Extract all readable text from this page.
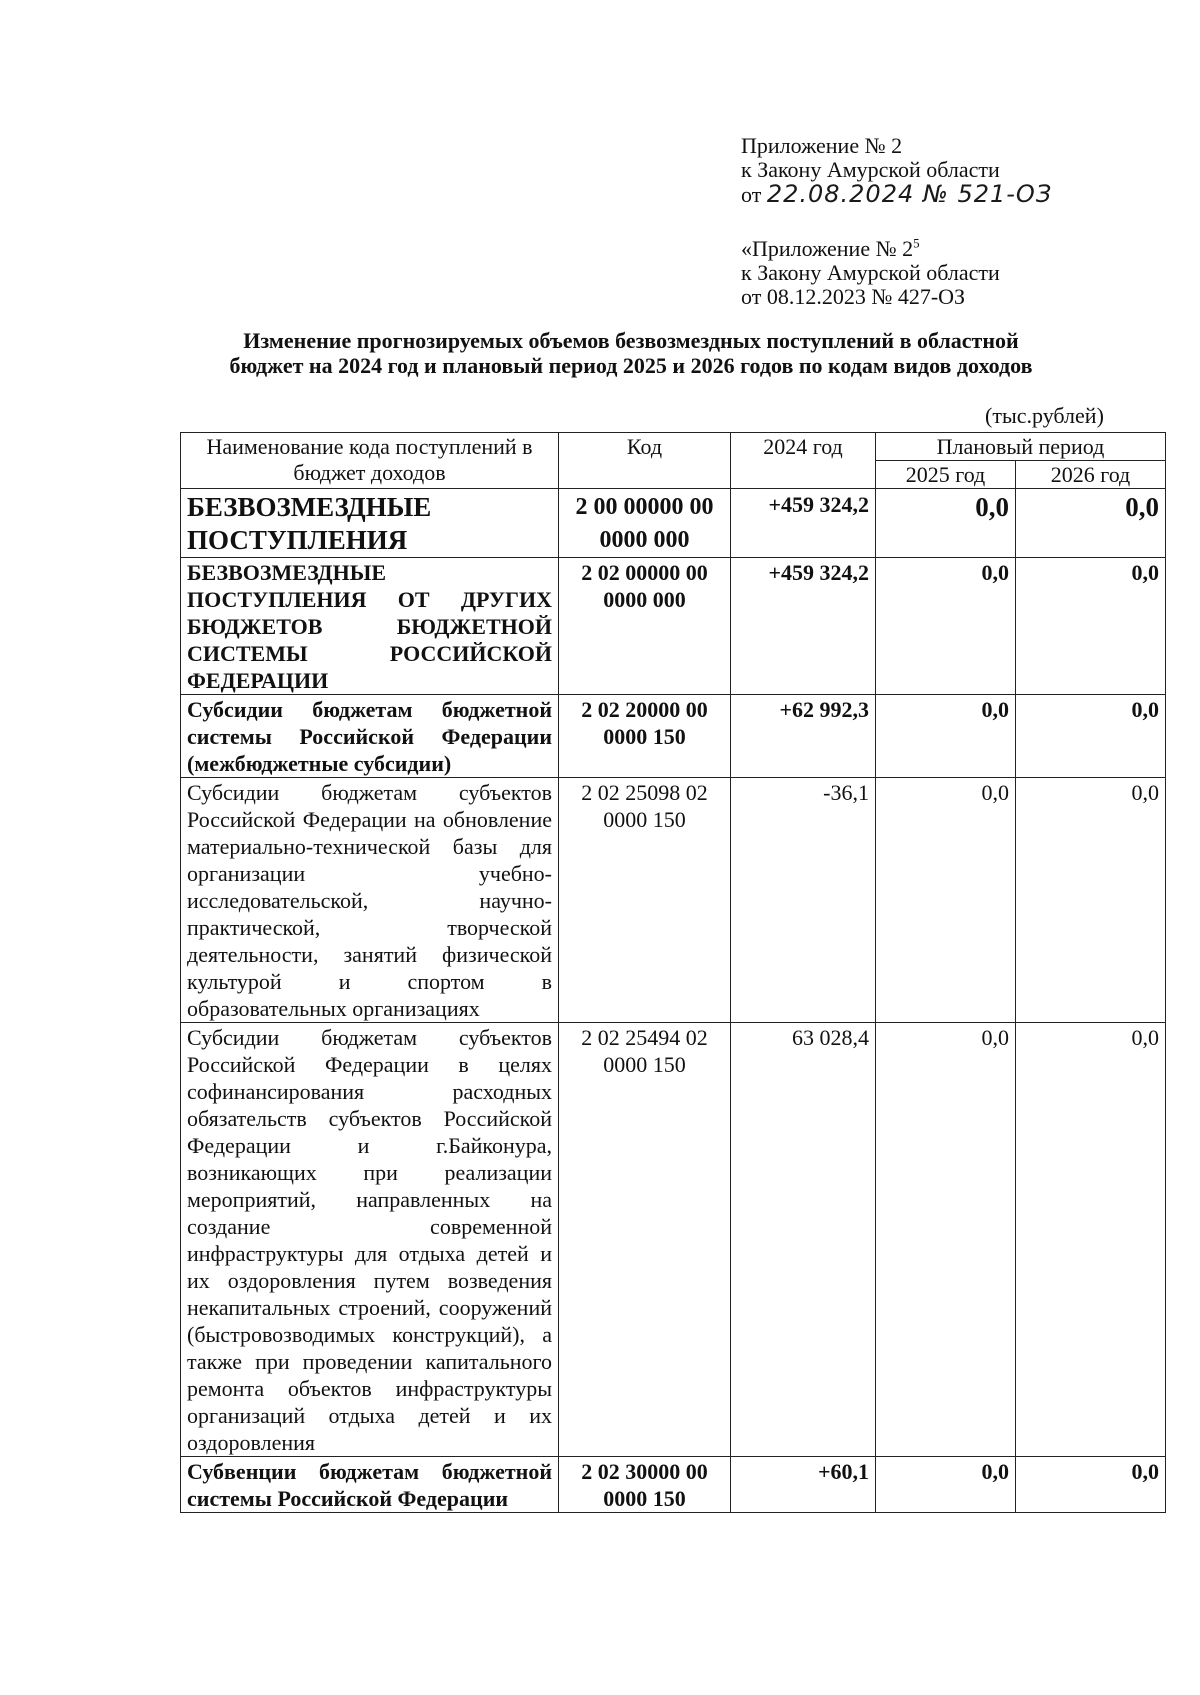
Приложение № 2
к Закону Амурской области
от 22.08.2024 № 521-ОЗ
«Приложение № $2^5$
к Закону Амурской области
от 08.12.2023 № 427-ОЗ
Изменение прогнозируемых объемов безвозмездных поступлений в областной
бюджет на 2024 год и плановый период 2025 и 2026 годов по кодам видов доходов
(тыс.рублей)
Наименование кода поступлений в бюджет доходов	Код	2024 год	Плановый период	
			2025 год	2026 год
БЕЗВОЗМЕЗДНЫЕ ПОСТУПЛЕНИЯ	2 00 00000 00 0000 000	+459 324,2	0,0	0,0
БЕЗВОЗМЕЗДНЫЕ ПОСТУПЛЕНИЯ ОТ ДРУГИХ БЮДЖЕТОВ БЮДЖЕТНОЙ СИСТЕМЫ РОССИЙСКОЙ ФЕДЕРАЦИИ	2 02 00000 00 0000 000	+459 324,2	0,0	0,0
Субсидии бюджетам бюджетной системы Российской Федерации (межбюджетные субсидии)	2 02 20000 00 0000 150	+62 992,3	0,0	0,0
Субсидии бюджетам субъектов Российской Федерации на обновление материально-технической базы для организации учебно-исследовательской, научно-практической, творческой деятельности, занятий физической культурой и спортом в образовательных организациях	2 02 25098 02 0000 150	-36,1	0,0	0,0
Субсидии бюджетам субъектов Российской Федерации в целях софинансирования расходных обязательств субъектов Российской Федерации и г.Байконура, возникающих при реализации мероприятий, направленных на создание современной инфраструктуры для отдыха детей и их оздоровления путем возведения некапитальных строений, сооружений (быстровозводимых конструкций), а также при проведении капитального ремонта объектов инфраструктуры организаций отдыха детей и их оздоровления	2 02 25494 02 0000 150	63 028,4	0,0	0,0
Субвенции бюджетам бюджетной системы Российской Федерации	2 02 30000 00 0000 150	+60,1	0,0	0,0
